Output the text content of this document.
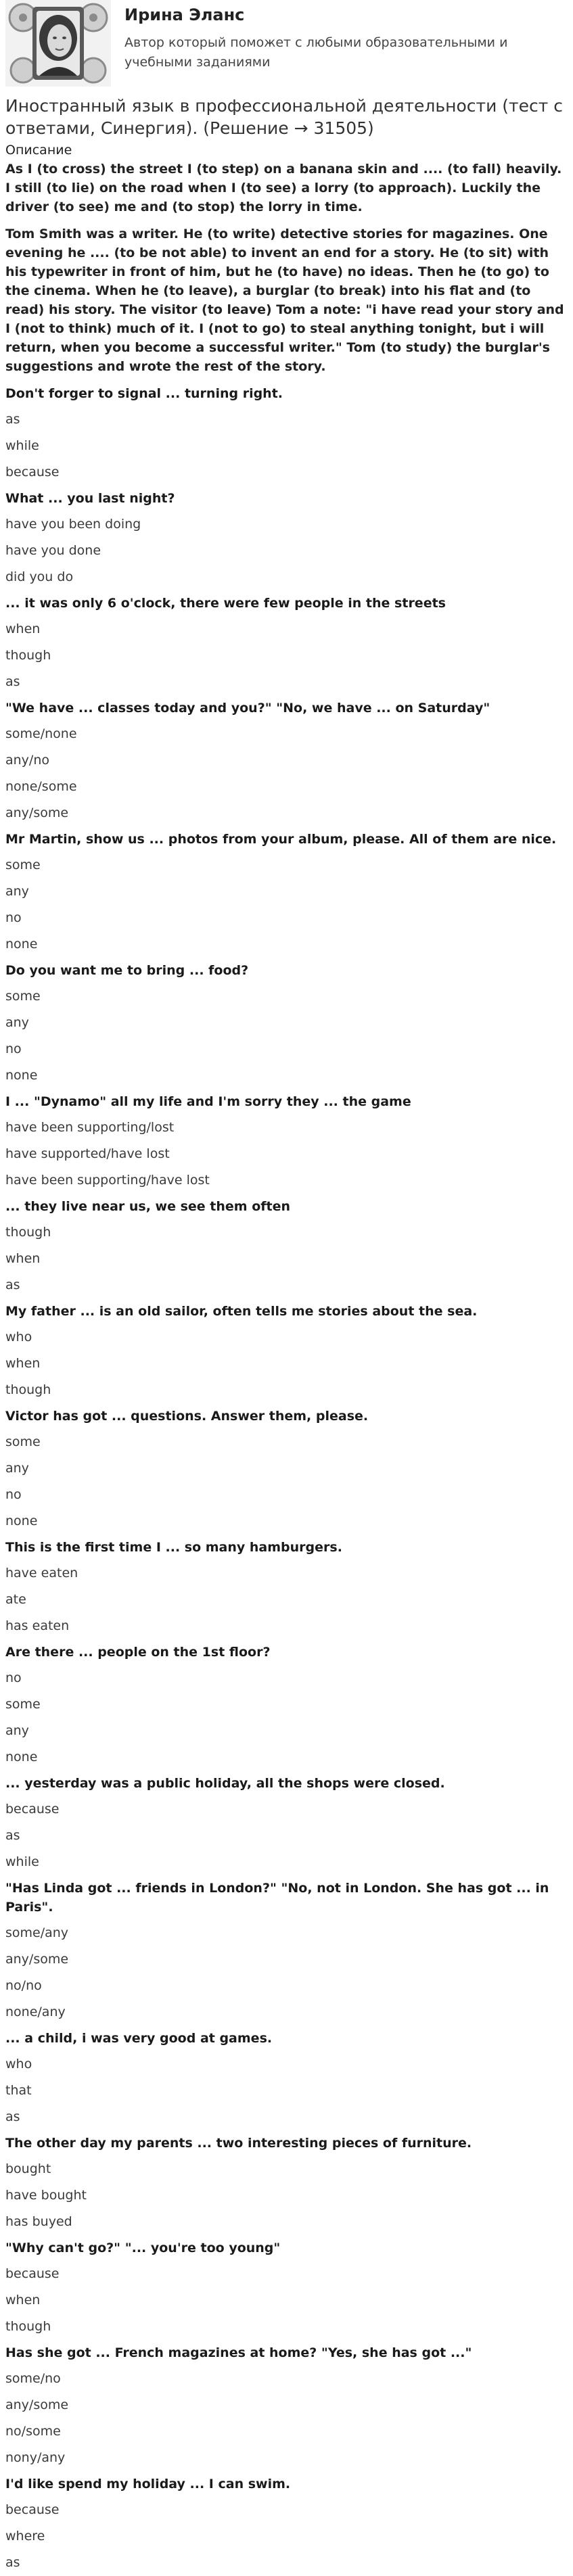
Ирина Эланс
Автор который поможет с любыми образовательными и учебными заданиями
Иностранный язык в профессиональной деятельности (тест с ответами, Синергия). (Решение → 31505)
Описание
As I (to cross) the street I (to step) on a banana skin and .... (to fall) heavily. I still (to lie) on the road when I (to see) a lorry (to approach). Luckily the driver (to see) me and (to stop) the lorry in time.
Tom Smith was a writer. He (to write) detective stories for magazines. One evening he .... (to be not able) to invent an end for a story. He (to sit) with his typewriter in front of him, but he (to have) no ideas. Then he (to go) to the cinema. When he (to leave), a burglar (to break) into his flat and (to read) his story. The visitor (to leave) Tom a note: "i have read your story and I (not to think) much of it. I (not to go) to steal anything tonight, but i will return, when you become a successful writer." Tom (to study) the burglar's suggestions and wrote the rest of the story.
Don't forger to signal ... turning right.
as
while
because
What ... you last night?
have you been doing
have you done
did you do
... it was only 6 o'clock, there were few people in the streets
when
though
as
"We have ... classes today and you?" "No, we have ... on Saturday"
some/none
any/no
none/some
any/some
Mr Martin, show us ... photos from your album, please. All of them are nice.
some
any
no
none
Do you want me to bring ... food?
some
any
no
none
I ... "Dynamo" all my life and I'm sorry they ... the game
have been supporting/lost
have supported/have lost
have been supporting/have lost
... they live near us, we see them often
though
when
as
My father ... is an old sailor, often tells me stories about the sea.
who
when
though
Victor has got ... questions. Answer them, please.
some
any
no
none
This is the first time I ... so many hamburgers.
have eaten
ate
has eaten
Are there ... people on the 1st floor?
no
some
any
none
... yesterday was a public holiday, all the shops were closed.
because
as
while
"Has Linda got ... friends in London?" "No, not in London. She has got ... in Paris".
some/any
any/some
no/no
none/any
... a child, i was very good at games.
who
that
as
The other day my parents ... two interesting pieces of furniture.
bought
have bought
has buyed
"Why can't go?" "... you're too young"
because
when
though
Has she got ... French magazines at home? "Yes, she has got ..."
some/no
any/some
no/some
nony/any
I'd like spend my holiday ... I can swim.
because
where
as
